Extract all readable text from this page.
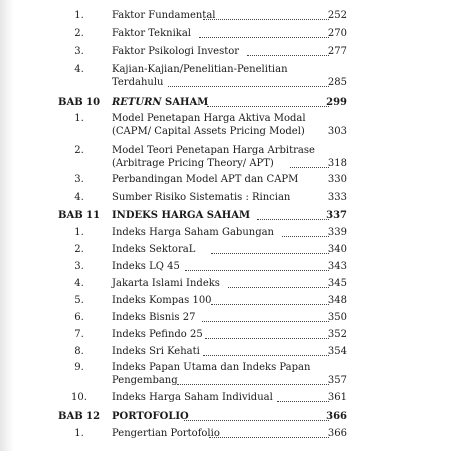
1.	Faktor Fundamental	252
2.	Faktor Teknikal	270
3.	Faktor Psikologi Investor	277
4.	Kajian-Kajian/Penelitian-Penelitian
Terdahulu	285
BAB 10 RETURN SAHAM	299
1.	Model Penetapan Harga Aktiva Modal
(CAPM/ Capital Assets Pricing Model) 303
2.	Model Teori Penetapan Harga Arbitrase
(Arbitrage Pricing Theory/ APT)	318
3.	Perbandingan Model APT dan CAPM	330
4.	Sumber Risiko Sistematis : Rincian	333
BAB 11 INDEKS HARGA SAHAM	337
1.	Indeks Harga Saham Gabungan	339
2.	Indeks SektoraL	340
3.	Indeks LQ 45	343
4.	Jakarta Islami Indeks	345
5.	Indeks Kompas 100	348
6.	Indeks Bisnis 27	350
7.	Indeks Pefindo 25	352
8.	Indeks Sri Kehati	354
9.	Indeks Papan Utama dan Indeks Papan
Pengembang	357
10.	Indeks Harga Saham Individual	361
BAB 12 PORTOFOLIO	366
1.	Pengertian Portofolio	366
